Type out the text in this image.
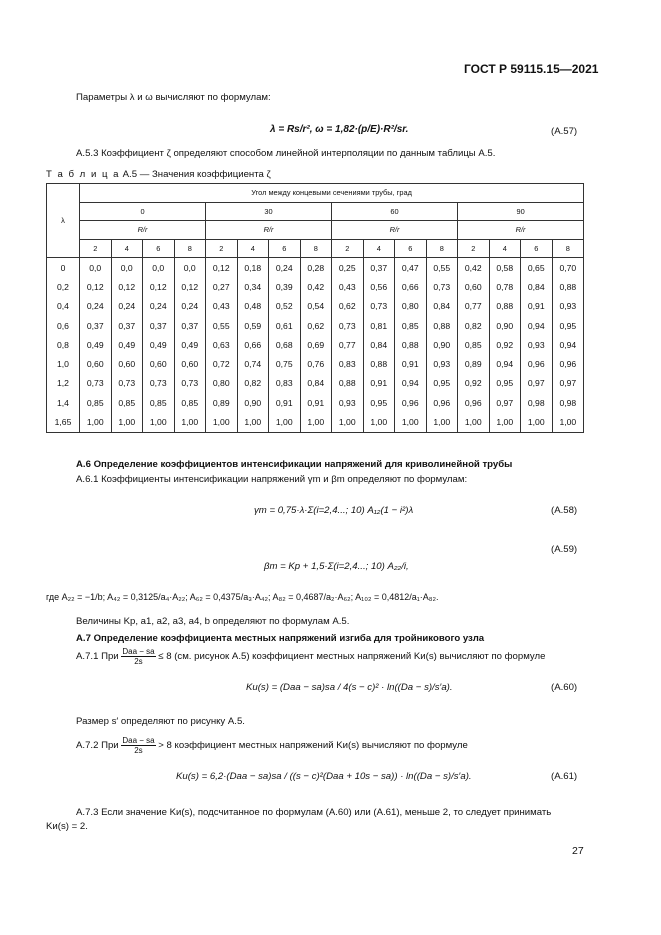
ГОСТ Р 59115.15—2021
Параметры λ и ω вычисляют по формулам:
λ = Rs/r², ω = 1,82·(p/E)·R²/sr.	(A.57)
А.5.3 Коэффициент ζ определяют способом линейной интерполяции по данным таблицы А.5.
Т а б л и ц а А.5 — Значения коэффициента ζ
λ	Угол между концевыми сечениями трубы, град															
	0				30				60				90			
	R/r				R/r				R/r				R/r			
	2	4	6	8	2	4	6	8	2	4	6	8	2	4	6	8
0	0,0	0,0	0,0	0,0	0,12	0,18	0,24	0,28	0,25	0,37	0,47	0,55	0,42	0,58	0,65	0,70
0,2	0,12	0,12	0,12	0,12	0,27	0,34	0,39	0,42	0,43	0,56	0,66	0,73	0,60	0,78	0,84	0,88
0,4	0,24	0,24	0,24	0,24	0,43	0,48	0,52	0,54	0,62	0,73	0,80	0,84	0,77	0,88	0,91	0,93
0,6	0,37	0,37	0,37	0,37	0,55	0,59	0,61	0,62	0,73	0,81	0,85	0,88	0,82	0,90	0,94	0,95
0,8	0,49	0,49	0,49	0,49	0,63	0,66	0,68	0,69	0,77	0,84	0,88	0,90	0,85	0,92	0,93	0,94
1,0	0,60	0,60	0,60	0,60	0,72	0,74	0,75	0,76	0,83	0,88	0,91	0,93	0,89	0,94	0,96	0,96
1,2	0,73	0,73	0,73	0,73	0,80	0,82	0,83	0,84	0,88	0,91	0,94	0,95	0,92	0,95	0,97	0,97
1,4	0,85	0,85	0,85	0,85	0,89	0,90	0,91	0,91	0,93	0,95	0,96	0,96	0,96	0,97	0,98	0,98
1,65	1,00	1,00	1,00	1,00	1,00	1,00	1,00	1,00	1,00	1,00	1,00	1,00	1,00	1,00	1,00	1,00
А.6 Определение коэффициентов интенсификации напряжений для криволинейной трубы
А.6.1 Коэффициенты интенсификации напряжений γm и βm определяют по формулам:
γm = 0,75·λ·Σ(i=2,4...; 10) A₁₂(1 − i²)λ	(A.58)
(A.59)
βm = Kp + 1,5·Σ(i=2,4...; 10) A₂₂/i,
где A₂₂ = −1/b; A₄₂ = 0,3125/a₄·A₂₂; A₆₂ = 0,4375/a₃·A₄₂; A₈₂ = 0,4687/a₂·A₆₂; A₁₀₂ = 0,4812/a₁·A₈₂.
Величины Kp, a1, a2, a3, a4, b определяют по формулам А.5.
А.7 Определение коэффициента местных напряжений изгиба для тройникового узла
А.7.1 При $\frac{\text{Daa − sa}}{2s} \le 8$ (см. рисунок А.5) коэффициент местных напряжений Kи(s) вычисляют по формуле
Kи(s) = (Daa − sa)sa / 4(s − c)² · ln((Da − s)/s′a).	(A.60)
Размер s′ определяют по рисунку А.5.
А.7.2 При $\frac{\text{Daa − sa}}{2s} > 8$ коэффициент местных напряжений Kи(s) вычисляют по формуле
Kи(s) = 6,2·(Daa − sa)sa / ((s − c)²(Daa + 10s − sa)) · ln((Da − s)/s′a).	(A.61)
А.7.3 Если значение Kи(s), подсчитанное по формулам (А.60) или (А.61), меньше 2, то следует принимать
Kи(s) = 2.
27
